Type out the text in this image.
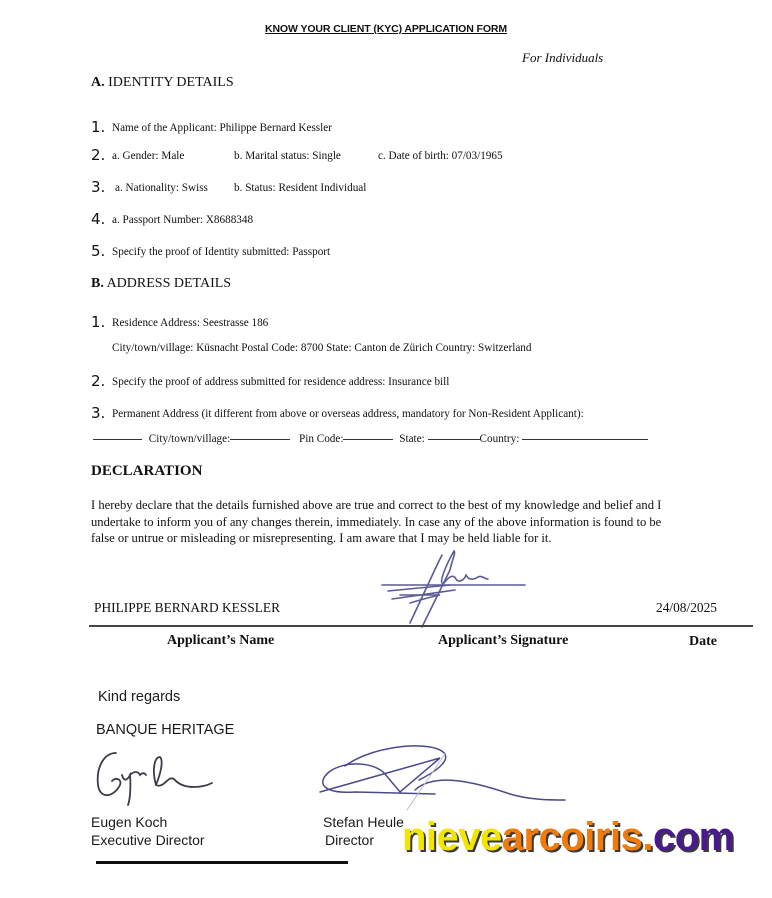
KNOW YOUR CLIENT (KYC) APPLICATION FORM
For Individuals
A. IDENTITY DETAILS
1. Name of the Applicant: Philippe Bernard Kessler
2. a. Gender: Male	b. Marital status: Single	c. Date of birth: 07/03/1965
3. a. Nationality: Swiss b. Status: Resident Individual
4. a. Passport Number: X8688348
5. Specify the proof of Identity submitted: Passport
B. ADDRESS DETAILS
1. Residence Address: Seestrasse 186
City/town/village: Küsnacht Postal Code: 8700 State: Canton de Zürich Country: Switzerland
2. Specify the proof of address submitted for residence address: Insurance bill
3. Permanent Address (it different from above or overseas address, mandatory for Non-Resident Applicant):
City/town/village:	Pin Code:	State:	Country:
DECLARATION
I hereby declare that the details furnished above are true and correct to the best of my knowledge and belief and I undertake to inform you of any changes therein, immediately. In case any of the above information is found to be false or untrue or misleading or misrepresenting. I am aware that I may be held liable for it.
PHILIPPE BERNARD KESSLER	24/08/2025
Applicant’s Name	Applicant’s Signature	Date
Kind regards
BANQUE HERITAGE
Eugen Koch
Executive Director
Stefan Heule
Director nievearcoiris.com
